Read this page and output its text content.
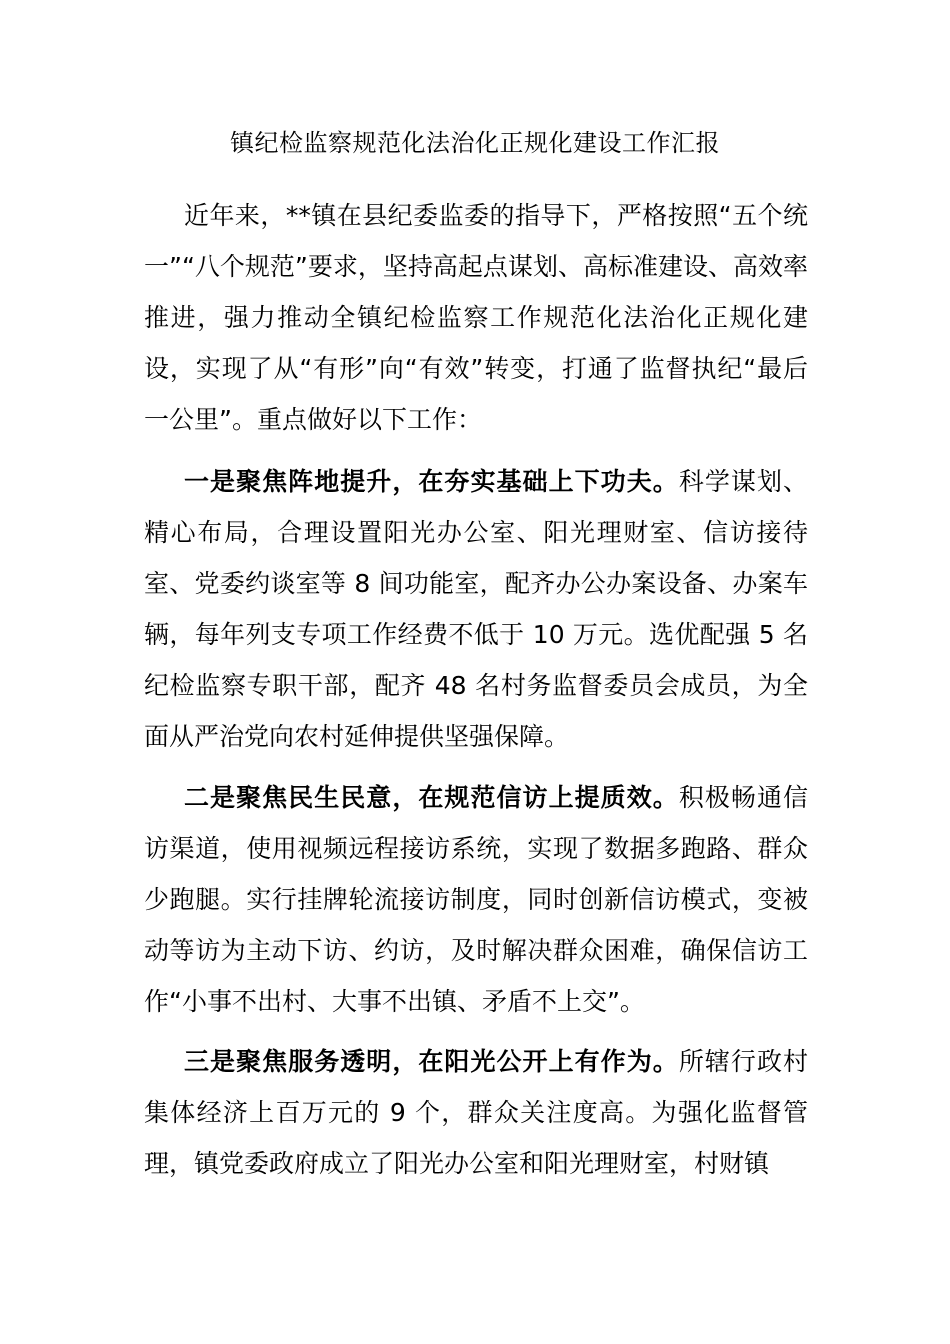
镇纪检监察规范化法治化正规化建设工作汇报

近年来，**镇在县纪委监委的指导下，严格按照“五个统一”“八个规范”要求，坚持高起点谋划、高标准建设、高效率推进，强力推动全镇纪检监察工作规范化法治化正规化建设，实现了从“有形”向“有效”转变，打通了监督执纪“最后一公里”。重点做好以下工作：

一是聚焦阵地提升，在夯实基础上下功夫。科学谋划、精心布局，合理设置阳光办公室、阳光理财室、信访接待室、党委约谈室等 8 间功能室，配齐办公办案设备、办案车辆，每年列支专项工作经费不低于 10 万元。选优配强 5 名纪检监察专职干部，配齐 48 名村务监督委员会成员，为全面从严治党向农村延伸提供坚强保障。

二是聚焦民生民意，在规范信访上提质效。积极畅通信访渠道，使用视频远程接访系统，实现了数据多跑路、群众少跑腿。实行挂牌轮流接访制度，同时创新信访模式，变被动等访为主动下访、约访，及时解决群众困难，确保信访工作“小事不出村、大事不出镇、矛盾不上交”。

三是聚焦服务透明，在阳光公开上有作为。所辖行政村集体经济上百万元的 9 个，群众关注度高。为强化监督管理，镇党委政府成立了阳光办公室和阳光理财室，村财镇
